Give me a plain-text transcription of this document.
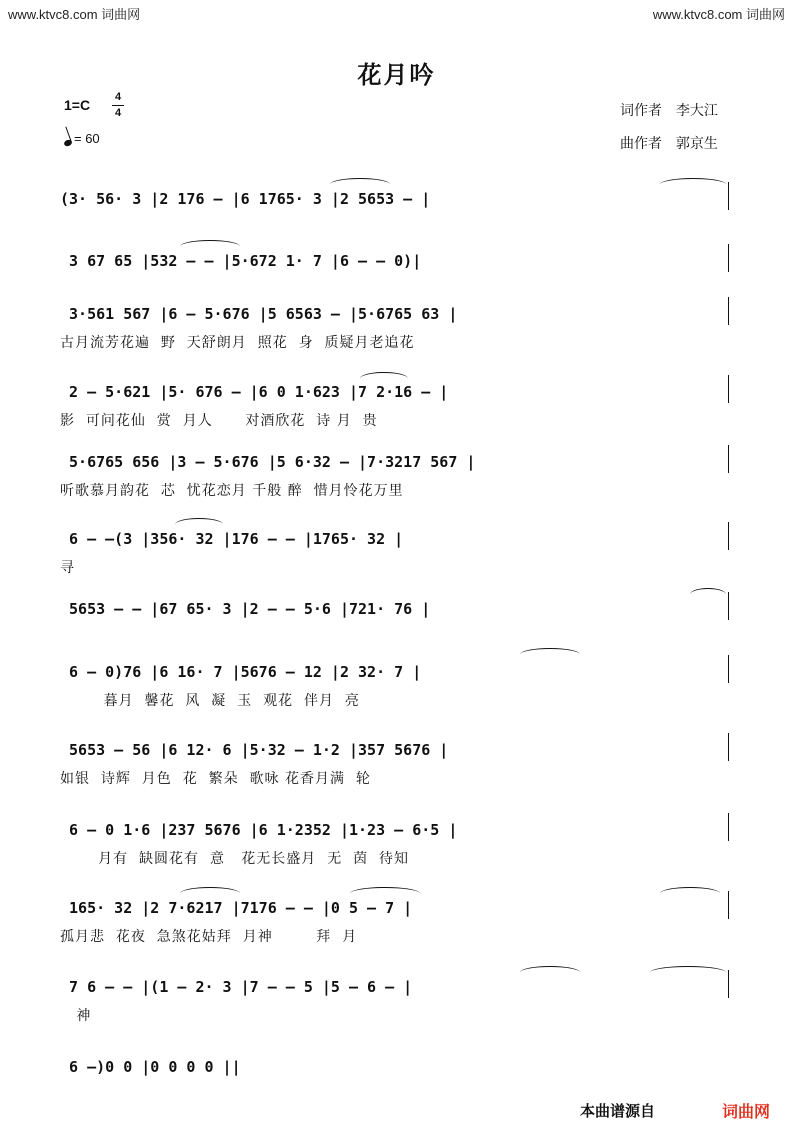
www.ktvc8.com 词曲网	www.ktvc8.com 词曲网
花月吟
1=C 4
4
= 60
词作者 李大江
曲作者 郭京生
(3· 56· 3 |2 176 – |6 1765· 3 |2 5653 – |
3 67 65 |532 – – |5·672 1· 7 |6 – – 0)|
3·561 567 |6 – 5·676 |5 6563 – |5·6765 63 |
古月流芳花遍  野  天舒朗月  照花  身  质疑月老追花
2 – 5·621 |5· 676 – |6 0 1·623 |7 2·16 – |
影  可问花仙  赏  月人      对酒欣花  诗 月  贵
5·6765 656 |3 – 5·676 |5 6·32 – |7·3217 567 |
听歌慕月韵花  芯  忧花恋月 千般 醉  惜月怜花万里
6 – –(3 |356· 32 |176 – – |1765· 32 |
寻
5653 – – |67 65· 3 |2 – – 5·6 |721· 76 |
6 – 0)76 |6 16· 7 |5676 – 12 |2 32· 7 |
暮月  馨花  风  凝  玉  观花  伴月  亮
5653 – 56 |6 12· 6 |5·32 – 1·2 |357 5676 |
如银  诗辉  月色  花  繁朵  歌咏 花香月满  轮
6 – 0 1·6 |237 5676 |6 1·2352 |1·23 – 6·5 |
月有  缺圆花有  意   花无长盛月  无  茵  待知
165· 32 |2 7·6217 |7176 – – |0 5 – 7 |
孤月悲  花夜  急煞花姑拜  月神        拜  月
7 6 – – |(1 – 2· 3 |7 – – 5 |5 – 6 – |
神
6 –)0 0 |0 0 0 0 ||
本曲谱源自	词曲网
